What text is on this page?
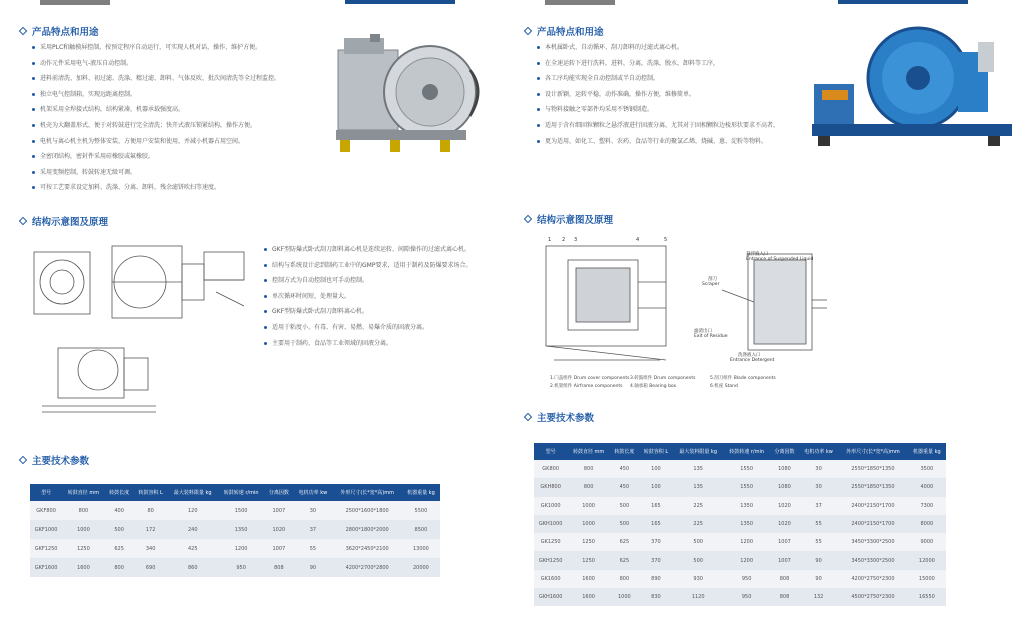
产品特点和用途
采用PLC和触摸屏控制，按预定程序自动运行，可实现人机对话，操作、维护方便。
动作元件采用电气-液压自动控制。
进料前清洗、加料、初过滤、洗涤、精过滤、卸料、气体反吹、批次间清洗等全过程监控。
独立电气控制箱，实现远距离控制。
机架采用全焊接式结构，结构紧凑，机器承载强度高。
机壳为大翻盖形式，便于对转鼓进行完全清洗；快开式液压锁紧结构，操作方便。
电机与离心机主机为整体安装，方便用户安装和使用，并减小机器占用空间。
全密闭结构，密封件采用硅橡胶或氟橡胶。
采用变频控制，转鼓转速无级可调。
可按工艺要求设定加料、洗涤、分离、卸料，残余滤饼吹扫等速度。
结构示意图及原理
GKF型防爆式卧式刮刀卸料离心机是连续运转、间隙操作的过滤式离心机。
结构与系统设计虑到制药工业中的GMP要求，适用于制药及防爆要求场合。
控制方式为自动控制也可手动控制。
单次循环时间短，处理量大。
GKF型防爆式卧式刮刀卸料离心机。
适用于粘度小、有毒、有害、易燃、易爆介质的固液分离。
主要用于制药、食品等工业领域的固液分离。
主要技术参数
型号	转鼓直径 mm	转鼓长度	转鼓容积 L	最大装料限量 kg	转鼓转速 r/min	分离因数	电机功率 kw	外形尺寸(长*宽*高)mm	机器重量 kg
GKF800	800	400	80	120	1500	1007	30	2500*1600*1800	5500
GKF1000	1000	500	172	240	1350	1020	37	2800*1800*2000	8500
GKF1250	1250	625	340	425	1200	1007	55	3620*2450*2100	13000
GKF1600	1600	800	690	860	950	808	90	4200*2700*2800	20000
产品特点和用途
本机属卧式、自动循环、刮刀卸料的过滤式离心机。
在全速运转下进行洗料，进料，分离，洗涤，脱水，卸料等工序，
各工序均能实现全自动控制或半自动控制。
设计新颖，运转平稳，动作准确，操作方便，维修简单。
与物料接触之零部件均采用不锈钢制造。
适用于含有细固粒颗粒之悬浮液进行固液分离，尤其对于固相颗粒边棱形状要求不高者，
更为适用，如化工、塑料、农药、食品等行业的聚氯乙烯，烧碱、蒽、淀粉等物料。
结构示意图及原理
1 2 3	4	5
悬浮液入口
Entrance of Suspended Liquid
刮刀
Scraper
滤渣出口
Exit of Residue
洗涤液入口
Entrance Detergent
1.门盖组件 Drum cover components 3.转鼓组件 Drum components	5.刮刀组件 Blade components
2.机架组件 Airframe components 4.轴承箱 Bearing box	6.机座 Stand
主要技术参数
型号	转鼓直径 mm	转鼓长度	转鼓容积 L	最大装料限量 kg	转鼓转速 r/min	分离因数	电机功率 kw	外形尺寸(长*宽*高)mm	机器重量 kg
GK800	800	450	100	135	1550	1080	30	2550*1850*1350	3500
GKH800	800	450	100	135	1550	1080	30	2550*1850*1350	4000
GK1000	1000	500	165	225	1350	1020	37	2400*2150*1700	7300
GKH1000	1000	500	165	225	1350	1020	55	2400*2150*1700	8000
GK1250	1250	625	370	500	1200	1007	55	3450*3300*2500	9000
GKH1250	1250	625	370	500	1200	1007	90	3450*3300*2500	12000
GK1600	1600	800	890	930	950	808	90	4200*2750*2300	15000
GKH1600	1600	1000	830	1120	950	808	132	4500*2750*2300	16550
